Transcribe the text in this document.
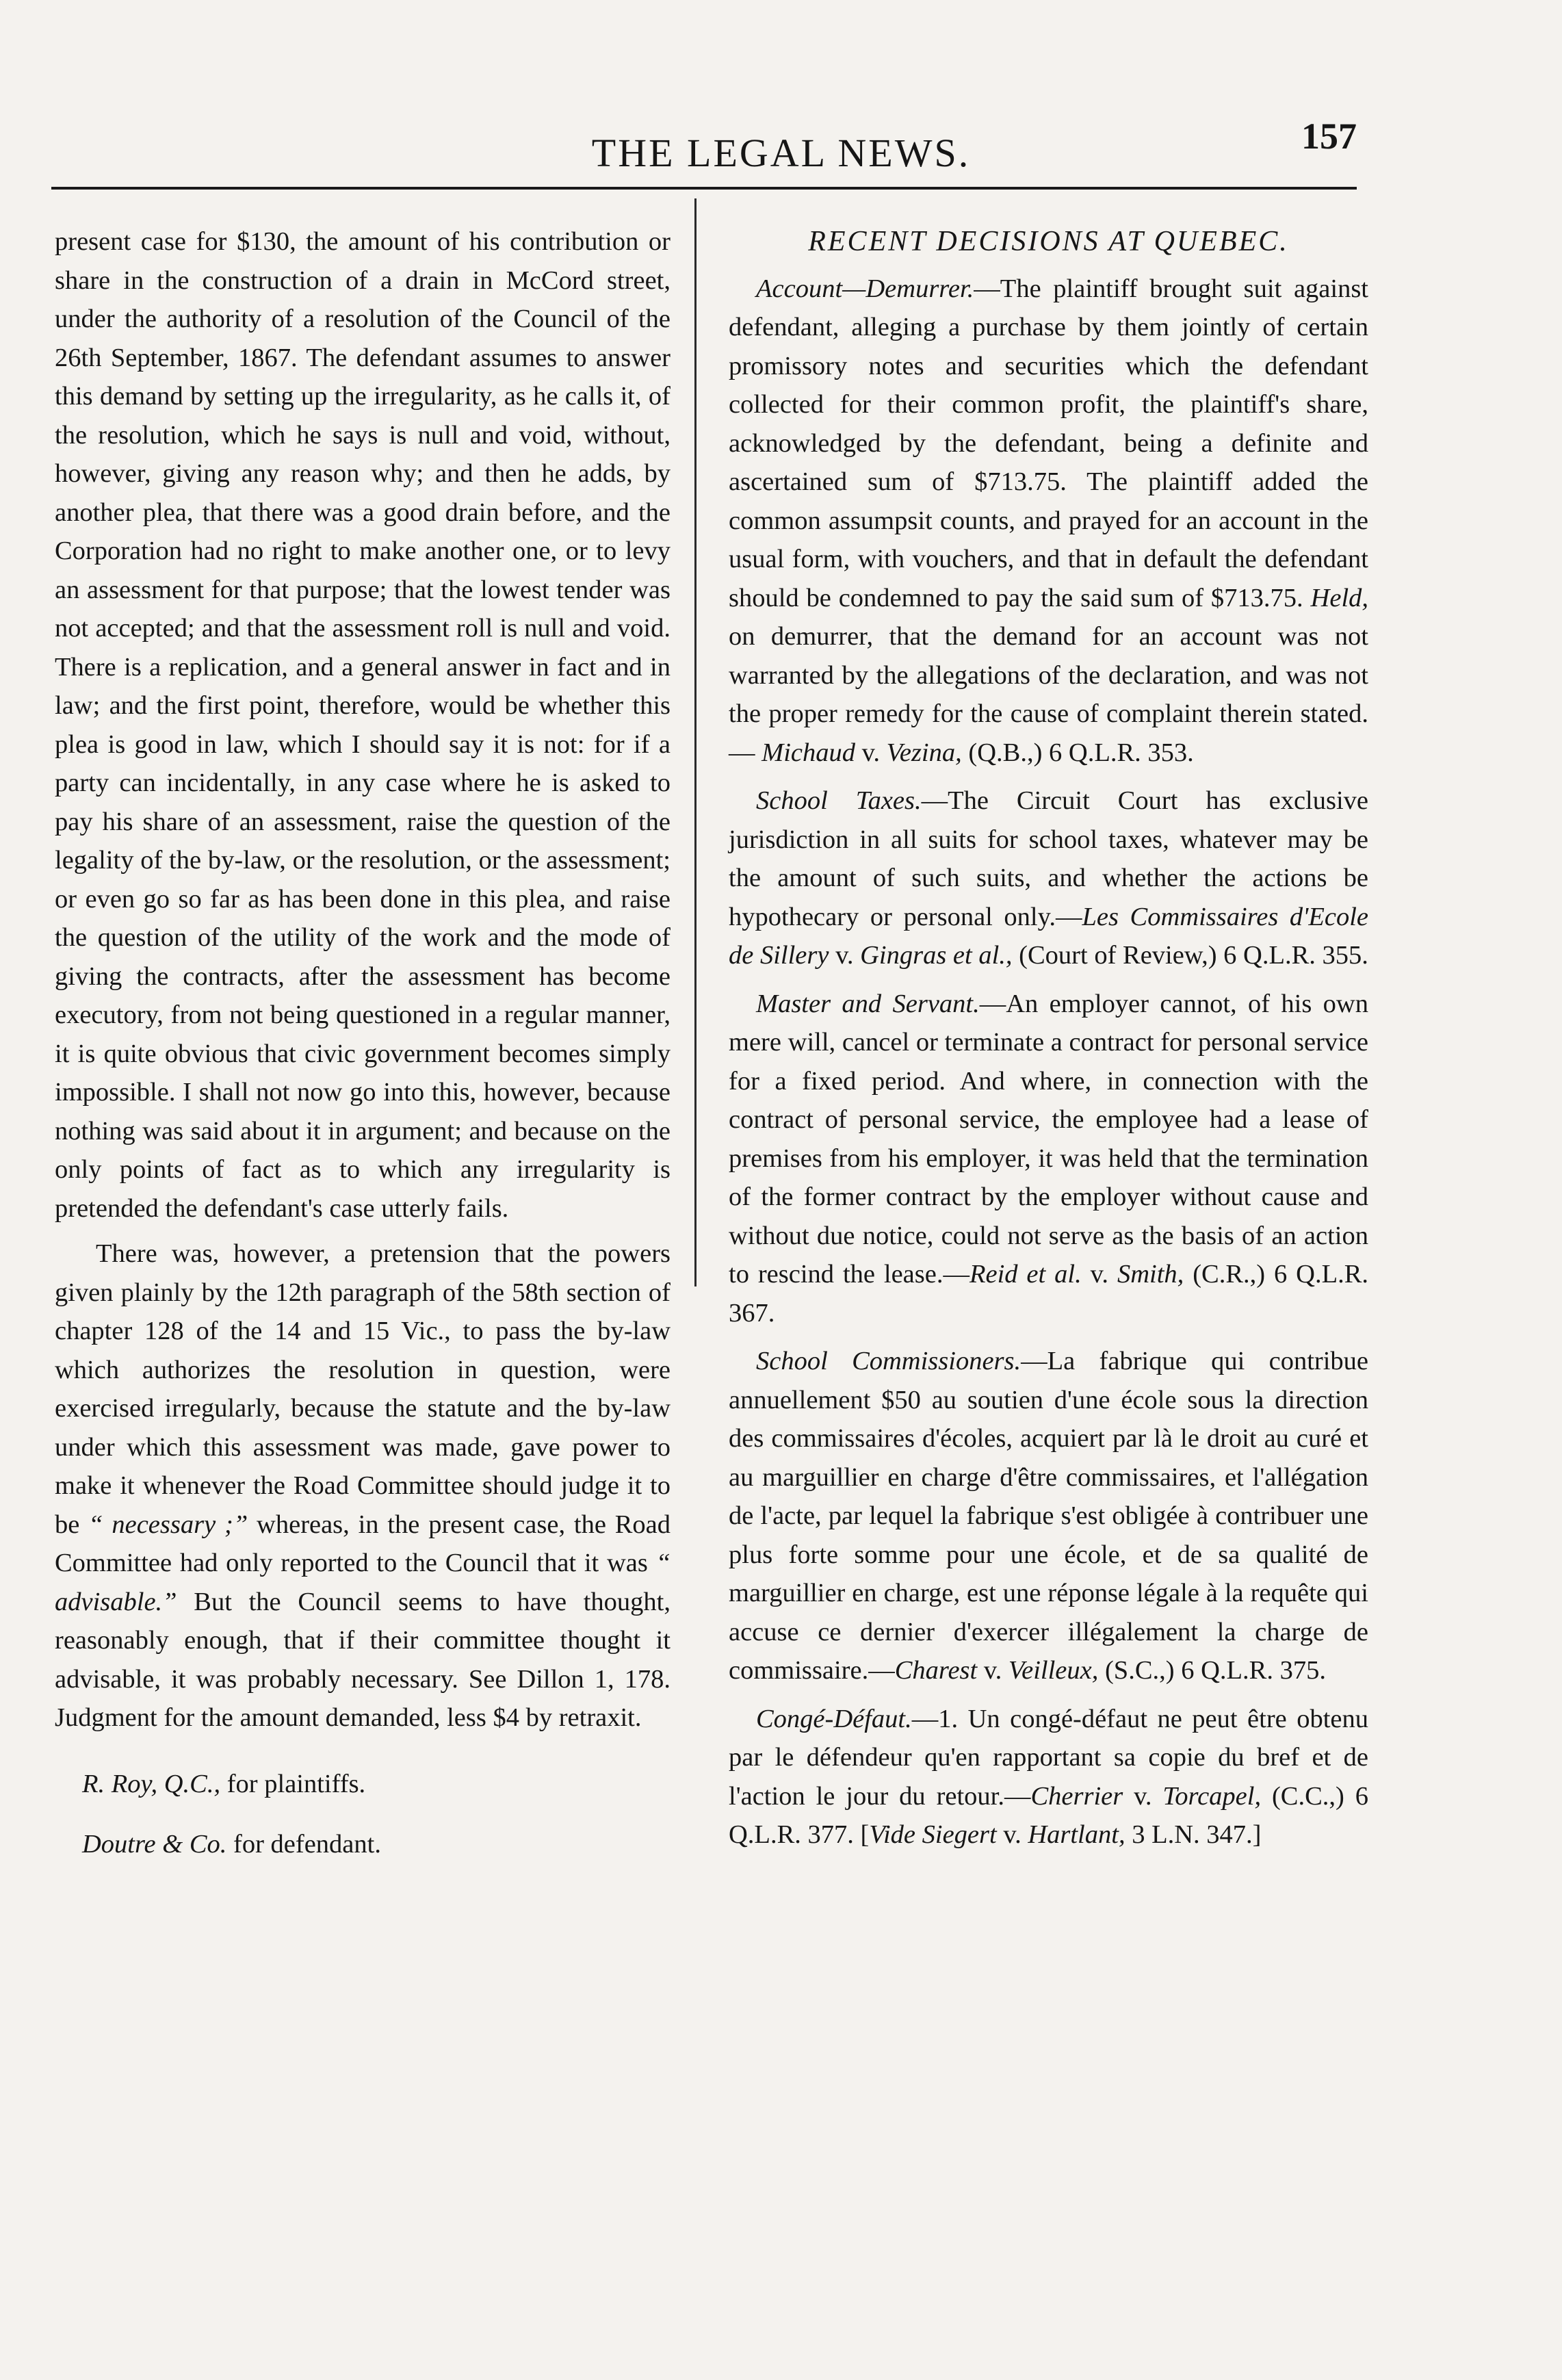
THE LEGAL NEWS.	157

present case for $130, the amount of his contribution or share in the construction of a drain in McCord street, under the authority of a resolution of the Council of the 26th September, 1867. The defendant assumes to answer this demand by setting up the irregularity, as he calls it, of the resolution, which he says is null and void, without, however, giving any reason why; and then he adds, by another plea, that there was a good drain before, and the Corporation had no right to make another one, or to levy an assessment for that purpose; that the lowest tender was not accepted; and that the assessment roll is null and void. There is a replication, and a general answer in fact and in law; and the first point, therefore, would be whether this plea is good in law, which I should say it is not: for if a party can incidentally, in any case where he is asked to pay his share of an assessment, raise the question of the legality of the by-law, or the resolution, or the assessment; or even go so far as has been done in this plea, and raise the question of the utility of the work and the mode of giving the contracts, after the assessment has become executory, from not being questioned in a regular manner, it is quite obvious that civic government becomes simply impossible. I shall not now go into this, however, because nothing was said about it in argument; and because on the only points of fact as to which any irregularity is pretended the defendant's case utterly fails.

There was, however, a pretension that the powers given plainly by the 12th paragraph of the 58th section of chapter 128 of the 14 and 15 Vic., to pass the by-law which authorizes the resolution in question, were exercised irregularly, because the statute and the by-law under which this assessment was made, gave power to make it whenever the Road Committee should judge it to be “ necessary ;” whereas, in the present case, the Road Committee had only reported to the Council that it was “ advisable.” But the Council seems to have thought, reasonably enough, that if their committee thought it advisable, it was probably necessary. See Dillon 1, 178. Judgment for the amount demanded, less $4 by retraxit.

R. Roy, Q.C., for plaintiffs.

Doutre & Co. for defendant.

RECENT DECISIONS AT QUEBEC.

Account—Demurrer.—The plaintiff brought suit against defendant, alleging a purchase by them jointly of certain promissory notes and securities which the defendant collected for their common profit, the plaintiff's share, acknowledged by the defendant, being a definite and ascertained sum of $713.75. The plaintiff added the common assumpsit counts, and prayed for an account in the usual form, with vouchers, and that in default the defendant should be condemned to pay the said sum of $713.75. Held, on demurrer, that the demand for an account was not warranted by the allegations of the declaration, and was not the proper remedy for the cause of complaint therein stated.— Michaud v. Vezina, (Q.B.,) 6 Q.L.R. 353.

School Taxes.—The Circuit Court has exclusive jurisdiction in all suits for school taxes, whatever may be the amount of such suits, and whether the actions be hypothecary or personal only.—Les Commissaires d'Ecole de Sillery v. Gingras et al., (Court of Review,) 6 Q.L.R. 355.

Master and Servant.—An employer cannot, of his own mere will, cancel or terminate a contract for personal service for a fixed period. And where, in connection with the contract of personal service, the employee had a lease of premises from his employer, it was held that the termination of the former contract by the employer without cause and without due notice, could not serve as the basis of an action to rescind the lease.—Reid et al. v. Smith, (C.R.,) 6 Q.L.R. 367.

School Commissioners.—La fabrique qui contribue annuellement $50 au soutien d'une école sous la direction des commissaires d'écoles, acquiert par là le droit au curé et au marguillier en charge d'être commissaires, et l'allégation de l'acte, par lequel la fabrique s'est obligée à contribuer une plus forte somme pour une école, et de sa qualité de marguillier en charge, est une réponse légale à la requête qui accuse ce dernier d'exercer illégalement la charge de commissaire.—Charest v. Veilleux, (S.C.,) 6 Q.L.R. 375.

Congé-Défaut.—1. Un congé-défaut ne peut être obtenu par le défendeur qu'en rapportant sa copie du bref et de l'action le jour du retour.—Cherrier v. Torcapel, (C.C.,) 6 Q.L.R. 377. [Vide Siegert v. Hartlant, 3 L.N. 347.]
